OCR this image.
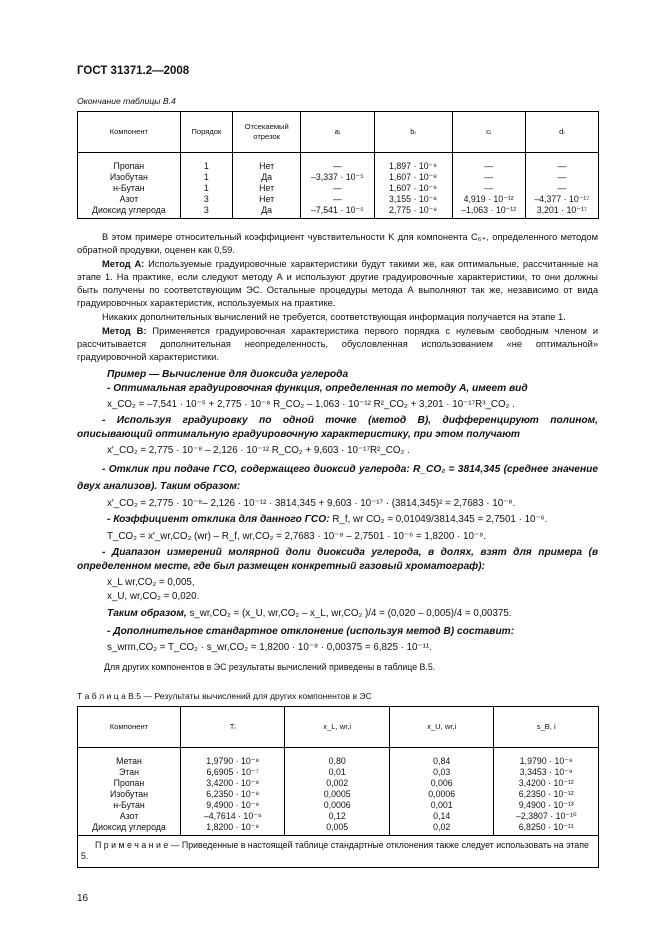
ГОСТ 31371.2—2008
Окончание таблицы В.4
Компонент	Порядок	Отсекаемый отрезок	aᵢ	bᵢ	cᵢ	dᵢ
Пропан	1	Нет	—	1,897 · 10⁻⁸	—	—
Изобутан	1	Да	–3,337 · 10⁻⁵	1,607 · 10⁻⁸	—	—
н-Бутан	1	Нет	—	1,607 · 10⁻⁸	—	—
Азот	3	Нет	—	3,155 · 10⁻⁸	4,919 · 10⁻¹²	–4,377 · 10⁻¹⁷
Диоксид углерода	3	Да	–7,541 · 10⁻⁵	2,775 · 10⁻⁸	–1,063 · 10⁻¹²	3,201 · 10⁻¹⁷
В этом примере относительный коэффициент чувствительности K для компонента C₆₊, определенного методом обратной продувки, оценен как 0,59.
Метод А: Используемые градуировочные характеристики будут такими же, как оптимальные, рассчитанные на этапе 1. На практике, если следуют методу А и используют другие градуировочные характеристики, то они должны быть получены по соответствующим ЭС. Остальные процедуры метода А выполняют так же, независимо от вида градуировочных характеристик, используемых на практике.
Никаких дополнительных вычислений не требуется, соответствующая информация получается на этапе 1.
Метод В: Применяется градуировочная характеристика первого порядка с нулевым свободным членом и рассчитывается дополнительная неопределенность, обусловленная использованием «не оптимальной» градуировочной характеристики.
Пример — Вычисление для диоксида углерода
- Оптимальная градуировочная функция, определенная по методу А, имеет вид
x_CO₂ = –7,541 · 10⁻⁵ + 2,775 · 10⁻⁸ R_CO₂ – 1,063 · 10⁻¹² R²_CO₂ + 3,201 · 10⁻¹⁷R³_CO₂ .
- Используя градуировку по одной точке (метод В), дифференцируют полином, описывающий оптимальную градуировочную характеристику, при этом получают
x′_CO₂ = 2,775 · 10⁻⁸ – 2,126 · 10⁻¹² R_CO₂ + 9,603 · 10⁻¹⁷R²_CO₂ .
- Отклик при подаче ГСО, содержащего диоксид углерода: R_CO₂ = 3814,345 (среднее значение двух анализов). Таким образом:
x′_CO₂ = 2,775 · 10⁻⁸– 2,126 · 10⁻¹² · 3814,345 + 9,603 · 10⁻¹⁷ · (3814,345)² = 2,7683 · 10⁻⁸.
- Коэффициент отклика для данного ГСО: R_f, wr CO₂ = 0,01049/3814,345 = 2,7501 · 10⁻⁶.
T_CO₂ = x′_wr,CO₂ (wr) – R_f, wr,CO₂ = 2,7683 · 10⁻⁸ – 2,7501 · 10⁻⁶ = 1,8200 · 10⁻⁸.
- Диапазон измерений молярной доли диоксида углерода, в долях, взят для примера (в определенном месте, где был размещен конкретный газовый хроматограф):
x_L wr,CO₂ = 0,005,
x_U, wr,CO₂ = 0,020.
Таким образом, s_wr,CO₂ = (x_U, wr,CO₂ – x_L, wr,CO₂ )/4 = (0,020 – 0,005)/4 = 0,00375.
- Дополнительное стандартное отклонение (используя метод В) составит:
s_wrm,CO₂ = T_CO₂ · s_wr,CO₂ = 1,8200 · 10⁻⁸ · 0,00375 = 6,825 · 10⁻¹¹.
Для других компонентов в ЭС результаты вычислений приведены в таблице В.5.
Т а б л и ц а В.5 — Результаты вычислений для других компонентов в ЭС
Компонент	Tᵢ	x_L, wr,i	x_U, wr,i	s_B, i
Метан	1,9790 · 10⁻⁸	0,80	0,84	1,9790 · 10⁻⁸
Этан	6,6905 · 10⁻⁷	0,01	0,03	3,3453 · 10⁻⁹
Пропан	3,4200 · 10⁻⁹	0,002	0,006	3,4200 · 10⁻¹²
Изобутан	6,2350 · 10⁻⁸	0,0005	0,0006	6,2350 · 10⁻¹²
н-Бутан	9,4900 · 10⁻⁹	0,0006	0,001	9,4900 · 10⁻¹³
Азот	–4,7614 · 10⁻⁸	0,12	0,14	–2,3807 · 10⁻¹⁰
Диоксид углерода	1,8200 · 10⁻⁸	0,005	0,02	6,8250 · 10⁻¹¹
П р и м е ч а н и е — Приведенные в настоящей таблице стандартные отклонения также следует использовать на этапе 5.				
16
